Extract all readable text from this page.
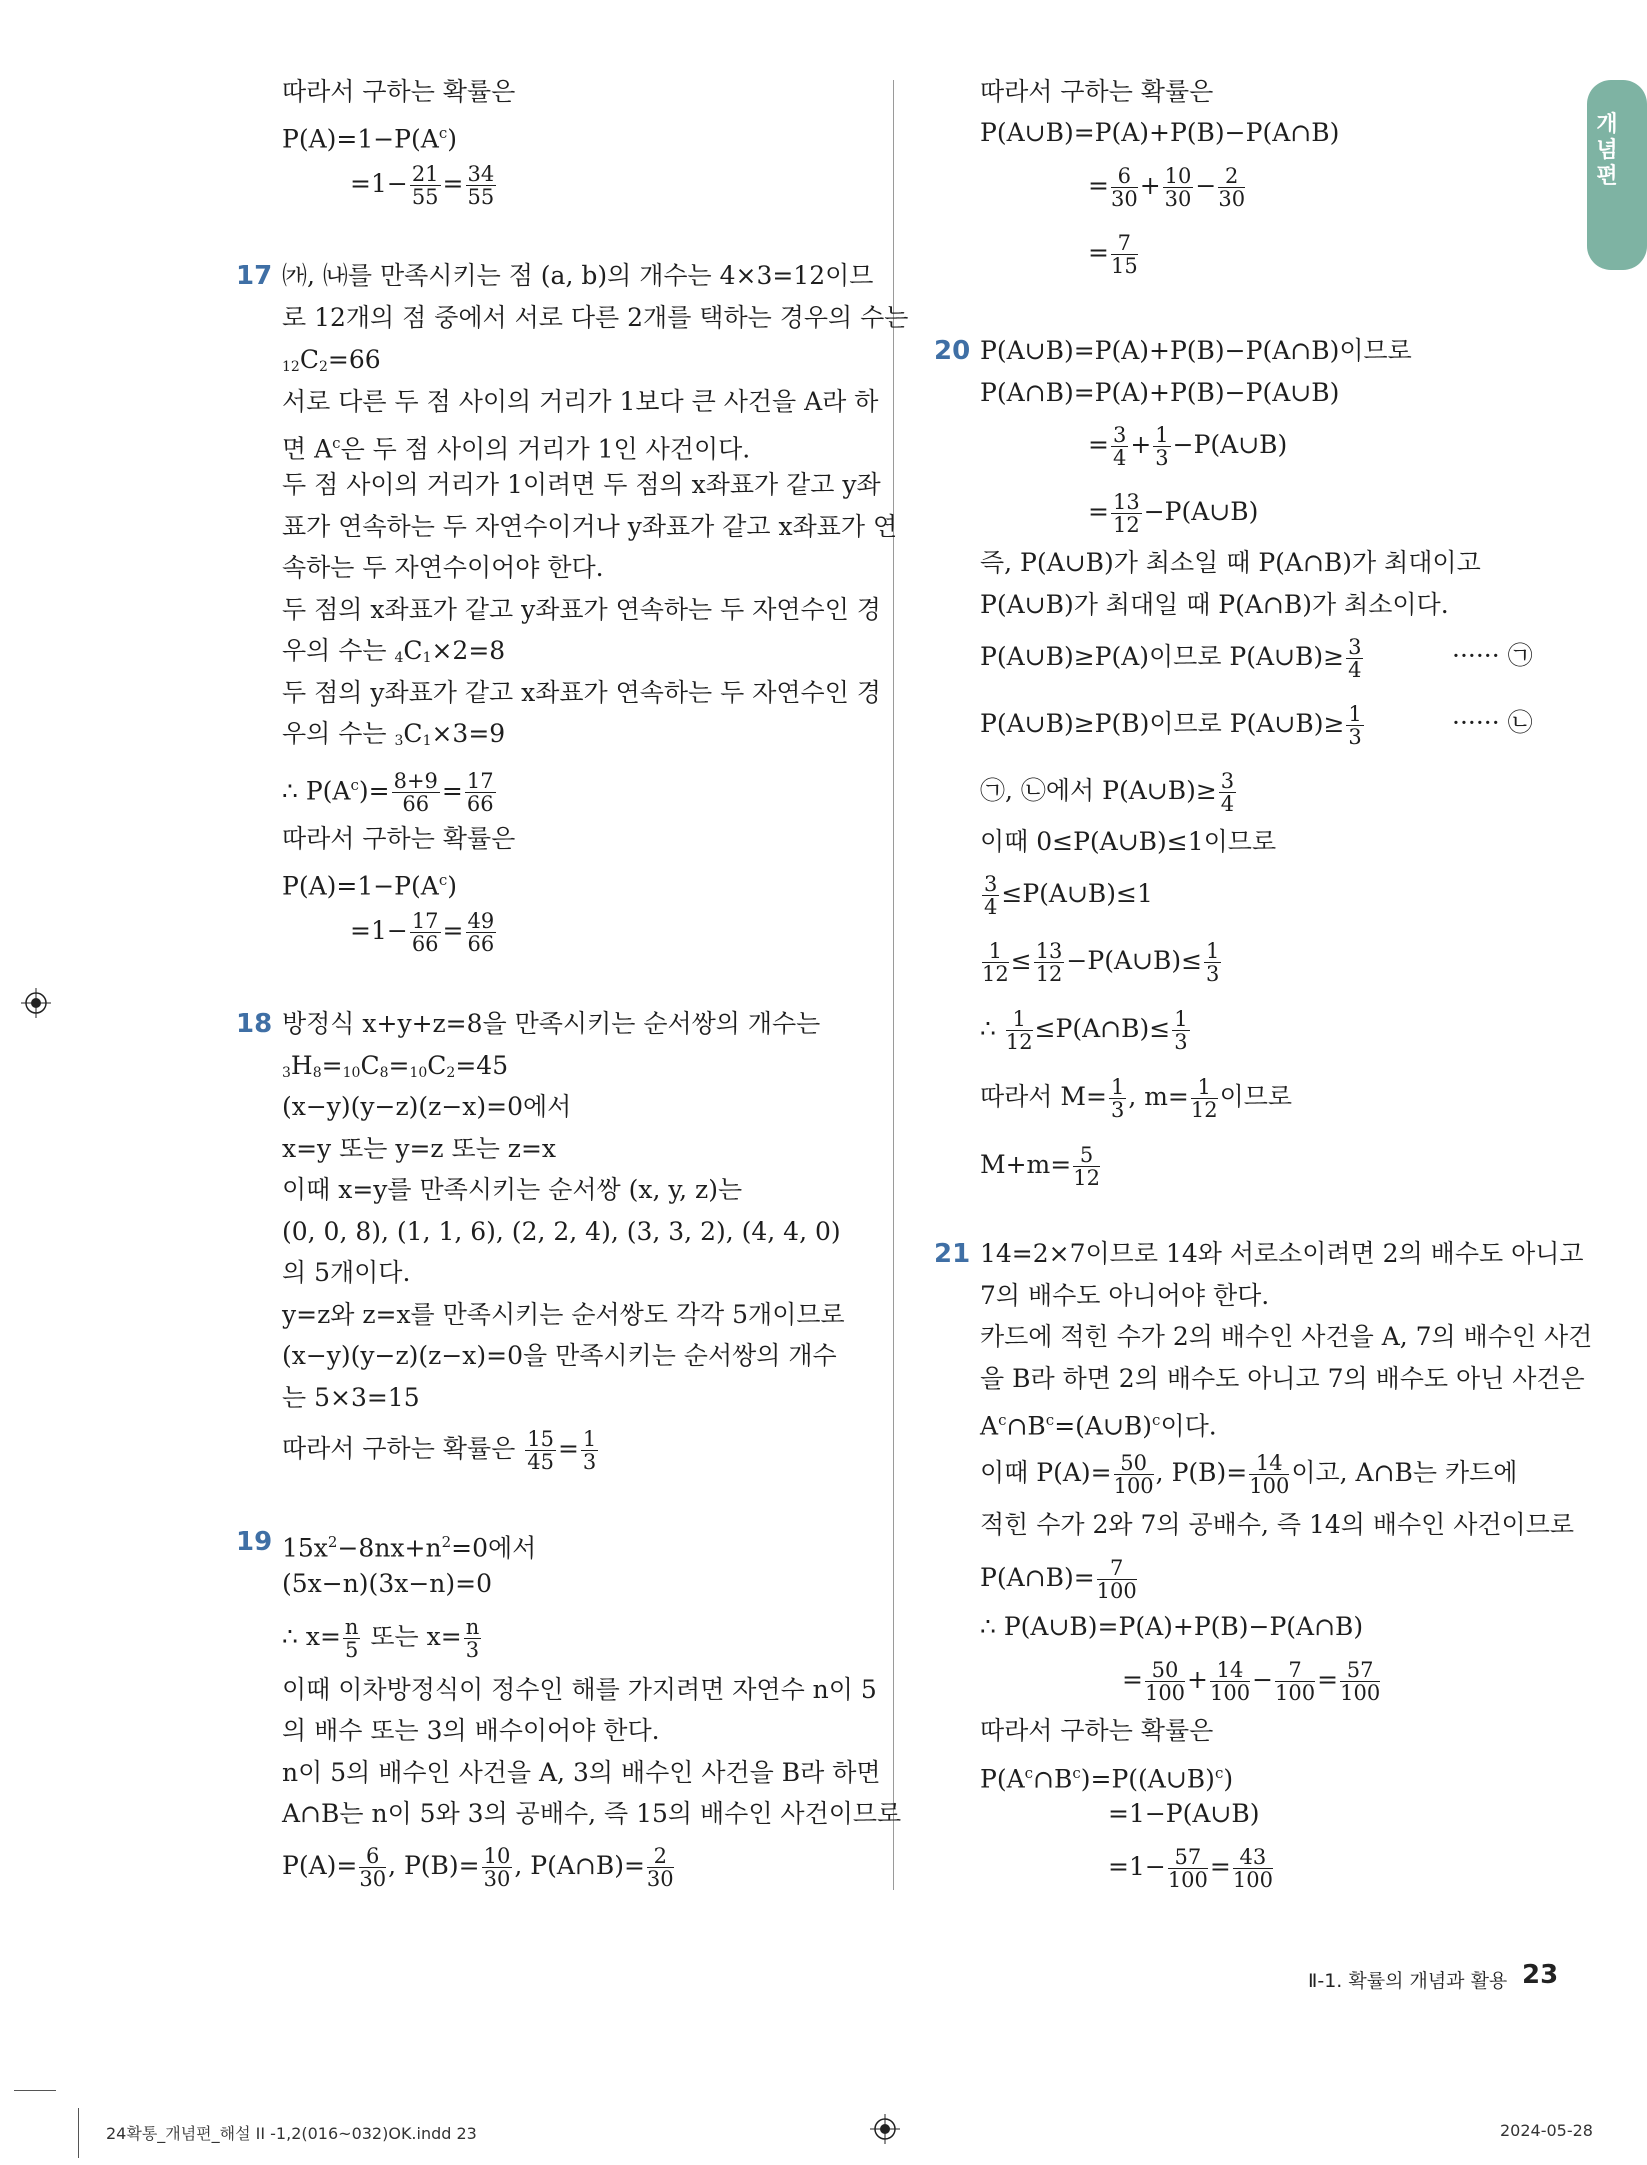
개념편
따라서 구하는 확률은
$P(A)=1-P(A^c)$
$=1- \frac{21}{55} = \frac{34}{55}$
17 ㈎, ㈏를 만족시키는 점 (a, b)의 개수는 4×3=12이므
로 12개의 점 중에서 서로 다른 2개를 택하는 경우의 수는
$_{12}C_2=66$
서로 다른 두 점 사이의 거리가 1보다 큰 사건을 A라 하
면 $A^c$은 두 점 사이의 거리가 1인 사건이다.
두 점 사이의 거리가 1이려면 두 점의 x좌표가 같고 y좌
표가 연속하는 두 자연수이거나 y좌표가 같고 x좌표가 연
속하는 두 자연수이어야 한다.
두 점의 x좌표가 같고 y좌표가 연속하는 두 자연수인 경
우의 수는 $_4C_1\times 2=8$
두 점의 y좌표가 같고 x좌표가 연속하는 두 자연수인 경
우의 수는 $_3C_1\times 3=9$
∴ $P(A^c)= \frac{8+9}{66} = \frac{17}{66}$
따라서 구하는 확률은
$P(A)=1-P(A^c)$
$=1- \frac{17}{66} = \frac{49}{66}$
18 방정식 x+y+z=8을 만족시키는 순서쌍의 개수는
$_3H_8=_{10}C_8=_{10}C_2=45$
(x−y)(y−z)(z−x)=0에서
x=y 또는 y=z 또는 z=x
이때 x=y를 만족시키는 순서쌍 (x, y, z)는
(0, 0, 8), (1, 1, 6), (2, 2, 4), (3, 3, 2), (4, 4, 0)
의 5개이다.
y=z와 z=x를 만족시키는 순서쌍도 각각 5개이므로
(x−y)(y−z)(z−x)=0을 만족시키는 순서쌍의 개수
는 5×3=15
따라서 구하는 확률은 $\frac{15}{45} = \frac{1}{3}$
19 $15x^2-8nx+n^2=0$에서
(5x−n)(3x−n)=0
∴ $x= \frac{n}{5}$ 또는 $x= \frac{n}{3}$
이때 이차방정식이 정수인 해를 가지려면 자연수 n이 5
의 배수 또는 3의 배수이어야 한다.
n이 5의 배수인 사건을 A, 3의 배수인 사건을 B라 하면
A∩B는 n이 5와 3의 공배수, 즉 15의 배수인 사건이므로
$P(A)= \frac{6}{30}$ , $P(B)= \frac{10}{30}$ , P(A∩B)= $\frac{2}{30}$
따라서 구하는 확률은
P(A∪B)=P(A)+P(B)−P(A∩B)
= $\frac{6}{30} + \frac{10}{30} - \frac{2}{30}$
= $\frac{7}{15}$
20 P(A∪B)=P(A)+P(B)−P(A∩B)이므로
P(A∩B)=P(A)+P(B)−P(A∪B)
= $\frac{3}{4} + \frac{1}{3}$ −P(A∪B)
= $\frac{13}{12}$ −P(A∪B)
즉, P(A∪B)가 최소일 때 P(A∩B)가 최대이고
P(A∪B)가 최대일 때 P(A∩B)가 최소이다.
P(A∪B)≥P(A)이므로 P(A∪B)≥ $\frac{3}{4}$	······ ㉠
P(A∪B)≥P(B)이므로 P(A∪B)≥ $\frac{1}{3}$	······ ㉡
㉠, ㉡에서 P(A∪B)≥ $\frac{3}{4}$
이때 0≤P(A∪B)≤1이므로
$\frac{3}{4}$ ≤P(A∪B)≤1
$\frac{1}{12} \le \frac{13}{12}$ −P(A∪B)≤ $\frac{1}{3}$
∴ $\frac{1}{12}$ ≤P(A∩B)≤ $\frac{1}{3}$
따라서 $M= \frac{1}{3}$ , $m= \frac{1}{12}$ 이므로
$M+m= \frac{5}{12}$
21 14=2×7이므로 14와 서로소이려면 2의 배수도 아니고
7의 배수도 아니어야 한다.
카드에 적힌 수가 2의 배수인 사건을 A, 7의 배수인 사건
을 B라 하면 2의 배수도 아니고 7의 배수도 아닌 사건은
$A^c\cap B^c=(A\cup B)^c$이다.
이때 $P(A)= \frac{50}{100}$ , $P(B)= \frac{14}{100}$ 이고, A∩B는 카드에
적힌 수가 2와 7의 공배수, 즉 14의 배수인 사건이므로
P(A∩B)= $\frac{7}{100}$
∴ P(A∪B)=P(A)+P(B)−P(A∩B)
= $\frac{50}{100} + \frac{14}{100} - \frac{7}{100} = \frac{57}{100}$
따라서 구하는 확률은
$P(A^c\cap B^c)=P((A\cup B)^c)$
=1−P(A∪B)
$=1- \frac{57}{100} = \frac{43}{100}$
Ⅱ-1. 확률의 개념과 활용 23
24확통_개념편_해설 II -1,2(016~032)OK.indd 23	2024-05-28
